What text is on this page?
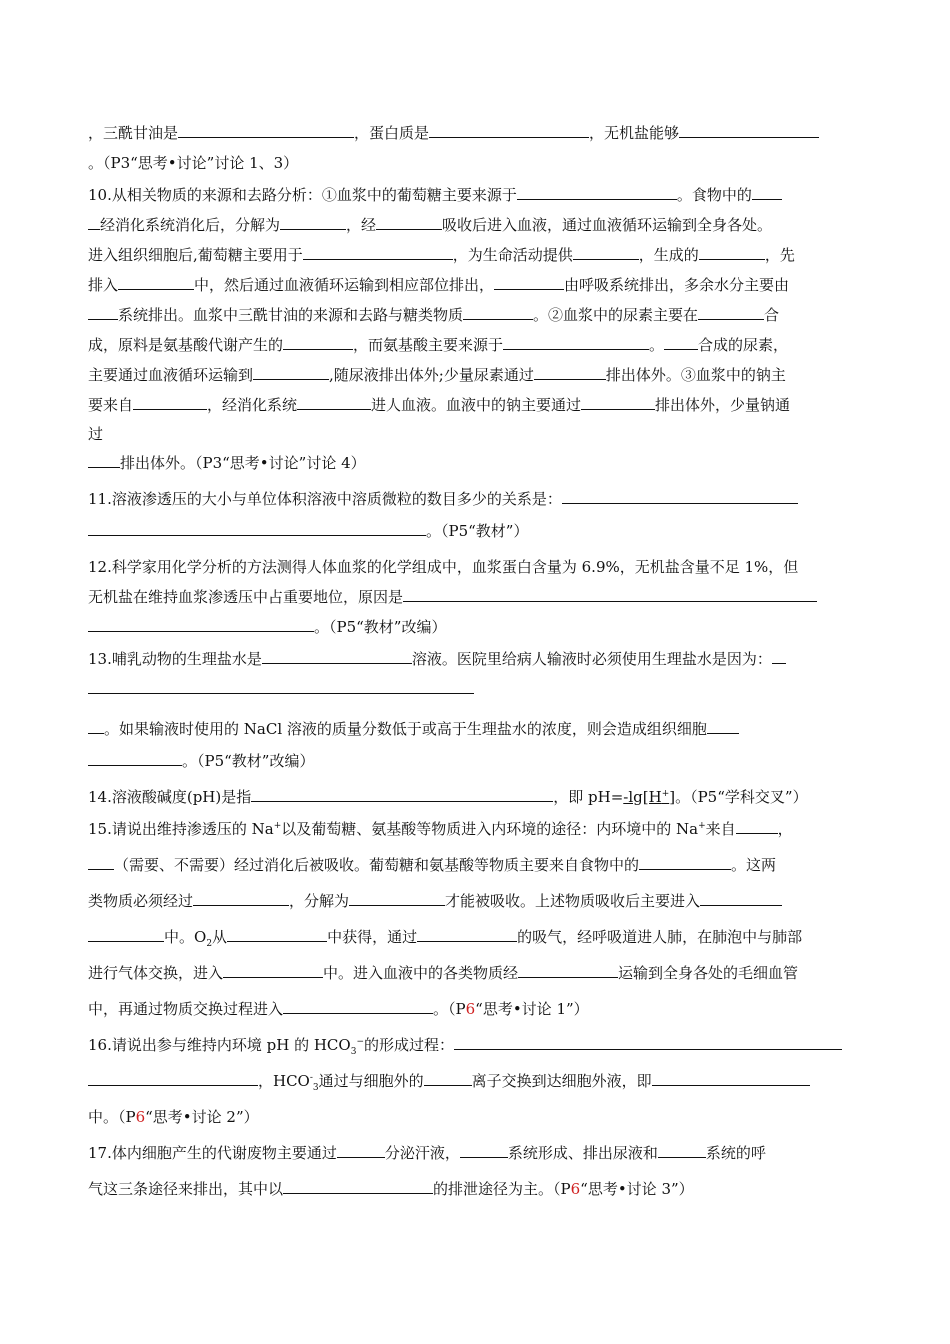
，三酰甘油是	，蛋白质是	，无机盐能够
。（P3“思考•讨论”讨论 1、3）
10.从相关物质的来源和去路分析：①血浆中的葡萄糖主要来源于	。食物中的
经消化系统消化后，分解为	，经	吸收后进入血液，通过血液循环运输到全身各处。
进入组织细胞后,葡萄糖主要用于	，为生命活动提供	，生成的	，先
排入	中，然后通过血液循环运输到相应部位排出，	由呼吸系统排出，多余水分主要由
系统排出。血浆中三酰甘油的来源和去路与糖类物质	。②血浆中的尿素主要在	合
成，原料是氨基酸代谢产生的	，而氨基酸主要来源于	。 合成的尿素，
主要通过血液循环运输到	,随尿液排出体外;少量尿素通过	排出体外。③血浆中的钠主
要来自	，经消化系统	进人血液。血液中的钠主要通过	排出体外，少量钠通
过
排出体外。（P3“思考•讨论”讨论 4）
11.溶液渗透压的大小与单位体积溶液中溶质微粒的数目多少的关系是：
。（P5“教材”）
12.科学家用化学分析的方法测得人体血浆的化学组成中，血浆蛋白含量为 6.9%，无机盐含量不足 1%，但
无机盐在维持血浆渗透压中占重要地位，原因是
。（P5“教材”改编）
13.哺乳动物的生理盐水是	溶液。医院里给病人输液时必须使用生理盐水是因为：
。如果输液时使用的 NaCl 溶液的质量分数低于或高于生理盐水的浓度，则会造成组织细胞
。（P5“教材”改编）
14.溶液酸碱度(pH)是指	，即 pH=-lg[H+]。（P5“学科交叉”）
15.请说出维持渗透压的 Na+以及葡萄糖、氨基酸等物质进入内环境的途径：内环境中的 Na+来自	，
（需要、不需要）经过消化后被吸收。葡萄糖和氨基酸等物质主要来自食物中的	。这两
类物质必须经过	，分解为	才能被吸收。上述物质吸收后主要进入
中。$O_2$从	中获得，通过	的吸气，经呼吸道进人肺，在肺泡中与肺部
进行气体交换，进入	中。进入血液中的各类物质经	运输到全身各处的毛细血管
中，再通过物质交换过程进入	。（P6“思考•讨论 1”）
16.请说出参与维持内环境 pH 的 $HCO_3^-$的形成过程：
，$HCO^-_3$通过与细胞外的	离子交换到达细胞外液，即
中。（P6“思考•讨论 2”）
17.体内细胞产生的代谢废物主要通过	分泌汗液，	系统形成、排出尿液和	系统的呼
气这三条途径来排出，其中以	的排泄途径为主。（P6“思考•讨论 3”）
